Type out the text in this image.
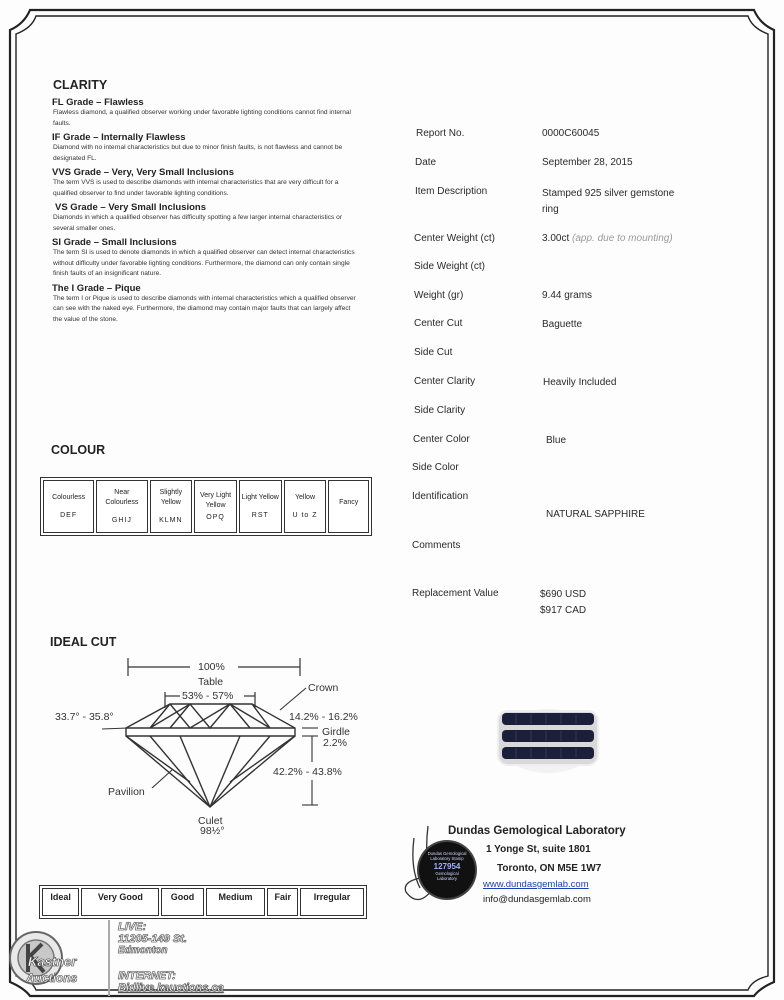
CLARITY

FL Grade – Flawless

Flawless diamond, a qualified observer working under favorable lighting conditions cannot find internal faults.

IF Grade – Internally Flawless

Diamond with no internal characteristics but due to minor finish faults, is not flawless and cannot be designated FL.

VVS Grade – Very, Very Small Inclusions

The term VVS is used to describe diamonds with internal characteristics that are very difficult for a qualified observer to find under favorable lighting conditions.

VS Grade – Very Small Inclusions

Diamonds in which a qualified observer has difficulty spotting a few larger internal characteristics or several smaller ones.

SI Grade – Small Inclusions

The term SI is used to denote diamonds in which a qualified observer can detect internal characteristics without difficulty under favorable lighting conditions. Furthermore, the diamond can only contain single finish faults of an insignificant nature.

The I Grade – Pique

The term I or Pique is used to describe diamonds with internal characteristics which a qualified observer can see with the naked eye. Furthermore, the diamond may contain major faults that can largely affect the value of the stone.

COLOUR
Colourless
DEF
	Near Colourless
GHIJ
	Slightly Yellow
KLMN
	Very Light Yellow
OPQ
	Light Yellow
RST
	Yellow
U to Z
	Fancy
IDEAL CUT
100%
Table
53% - 57%
Crown
33.7° - 35.8°	14.2% - 16.2%
Girdle
2.2%
42.2% - 43.8%
Pavilion
Culet
98½°
Ideal	Very Good	Good	Medium	Fair	Irregular
Report No.	0000C60045
Date	September 28, 2015
Item Description	Stamped 925 silver gemstone ring
Center Weight (ct)	3.00ct (app. due to mounting)
Side Weight (ct)
Weight (gr)	9.44 grams
Center Cut	Baguette
Side Cut
Center Clarity	Heavily Included
Side Clarity
Center Color	Blue
Side Color
Identification
NATURAL SAPPHIRE
Comments
Replacement Value	$690 USD
$917 CAD
Dundas Gemological
Laboratory Stamp
127954
Gemological
Laboratory
Dundas Gemological Laboratory
1 Yonge St, suite 1801
Toronto, ON M5E 1W7
www.dundasgemlab.com
info@dundasgemlab.com
Kastner
Auctions
LIVE:
11205-149 St.
Edmonton
INTERNET:
Bidlive.kauctions.ca
